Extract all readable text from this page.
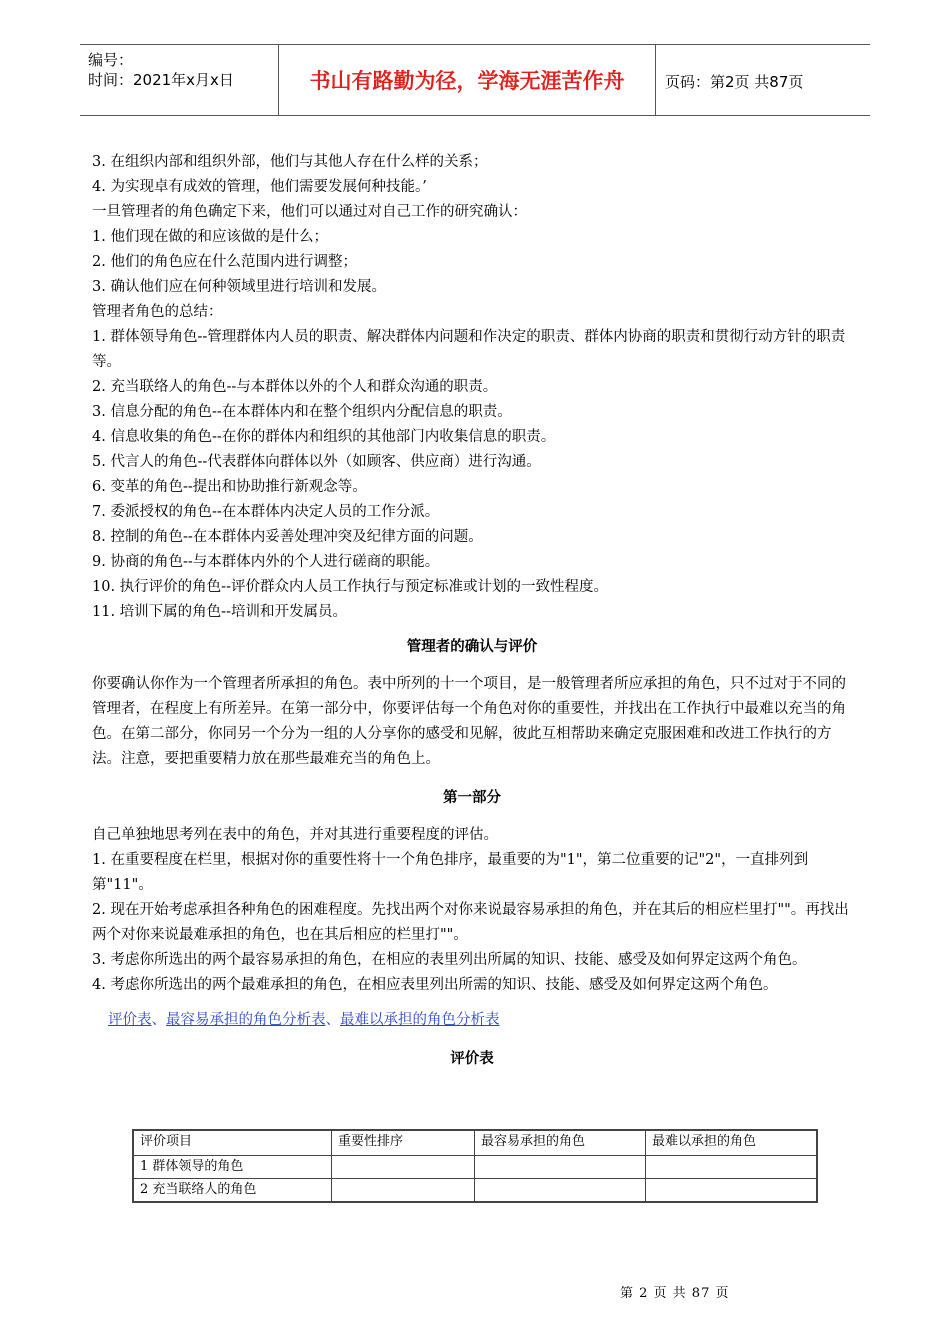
编号：
时间：2021年x月x日	书山有路勤为径，学海无涯苦作舟	页码：第2页 共87页

3. 在组织内部和组织外部，他们与其他人存在什么样的关系；

4. 为实现卓有成效的管理，他们需要发展何种技能。’

一旦管理者的角色确定下来，他们可以通过对自己工作的研究确认：

1. 他们现在做的和应该做的是什么；

2. 他们的角色应在什么范围内进行调整；

3. 确认他们应在何种领域里进行培训和发展。

管理者角色的总结：

1. 群体领导角色--管理群体内人员的职责、解决群体内问题和作决定的职责、群体内协商的职责和贯彻行动方针的职责等。

2. 充当联络人的角色--与本群体以外的个人和群众沟通的职责。

3. 信息分配的角色--在本群体内和在整个组织内分配信息的职责。

4. 信息收集的角色--在你的群体内和组织的其他部门内收集信息的职责。

5. 代言人的角色--代表群体向群体以外（如顾客、供应商）进行沟通。

6. 变革的角色--提出和协助推行新观念等。

7. 委派授权的角色--在本群体内决定人员的工作分派。

8. 控制的角色--在本群体内妥善处理冲突及纪律方面的问题。

9. 协商的角色--与本群体内外的个人进行磋商的职能。

10. 执行评价的角色--评价群众内人员工作执行与预定标准或计划的一致性程度。

11. 培训下属的角色--培训和开发属员。

管理者的确认与评价

你要确认你作为一个管理者所承担的角色。表中所列的十一个项目，是一般管理者所应承担的角色，只不过对于不同的管理者，在程度上有所差异。在第一部分中，你要评估每一个角色对你的重要性，并找出在工作执行中最难以充当的角色。在第二部分，你同另一个分为一组的人分享你的感受和见解，彼此互相帮助来确定克服困难和改进工作执行的方法。注意，要把重要精力放在那些最难充当的角色上。

第一部分

自己单独地思考列在表中的角色，并对其进行重要程度的评估。

1. 在重要程度在栏里，根据对你的重要性将十一个角色排序，最重要的为"1"，第二位重要的记"2"，一直排列到第"11"。

2. 现在开始考虑承担各种角色的困难程度。先找出两个对你来说最容易承担的角色，并在其后的相应栏里打""。再找出两个对你来说最难承担的角色，也在其后相应的栏里打""。

3. 考虑你所选出的两个最容易承担的角色，在相应的表里列出所属的知识、技能、感受及如何界定这两个角色。

4. 考虑你所选出的两个最难承担的角色，在相应表里列出所需的知识、技能、感受及如何界定这两个角色。

评价表、最容易承担的角色分析表、最难以承担的角色分析表

评价表

评价项目	重要性排序	最容易承担的角色	最难以承担的角色

1 群体领导的角色			

2 充当联络人的角色			

第 2 页 共 87 页
